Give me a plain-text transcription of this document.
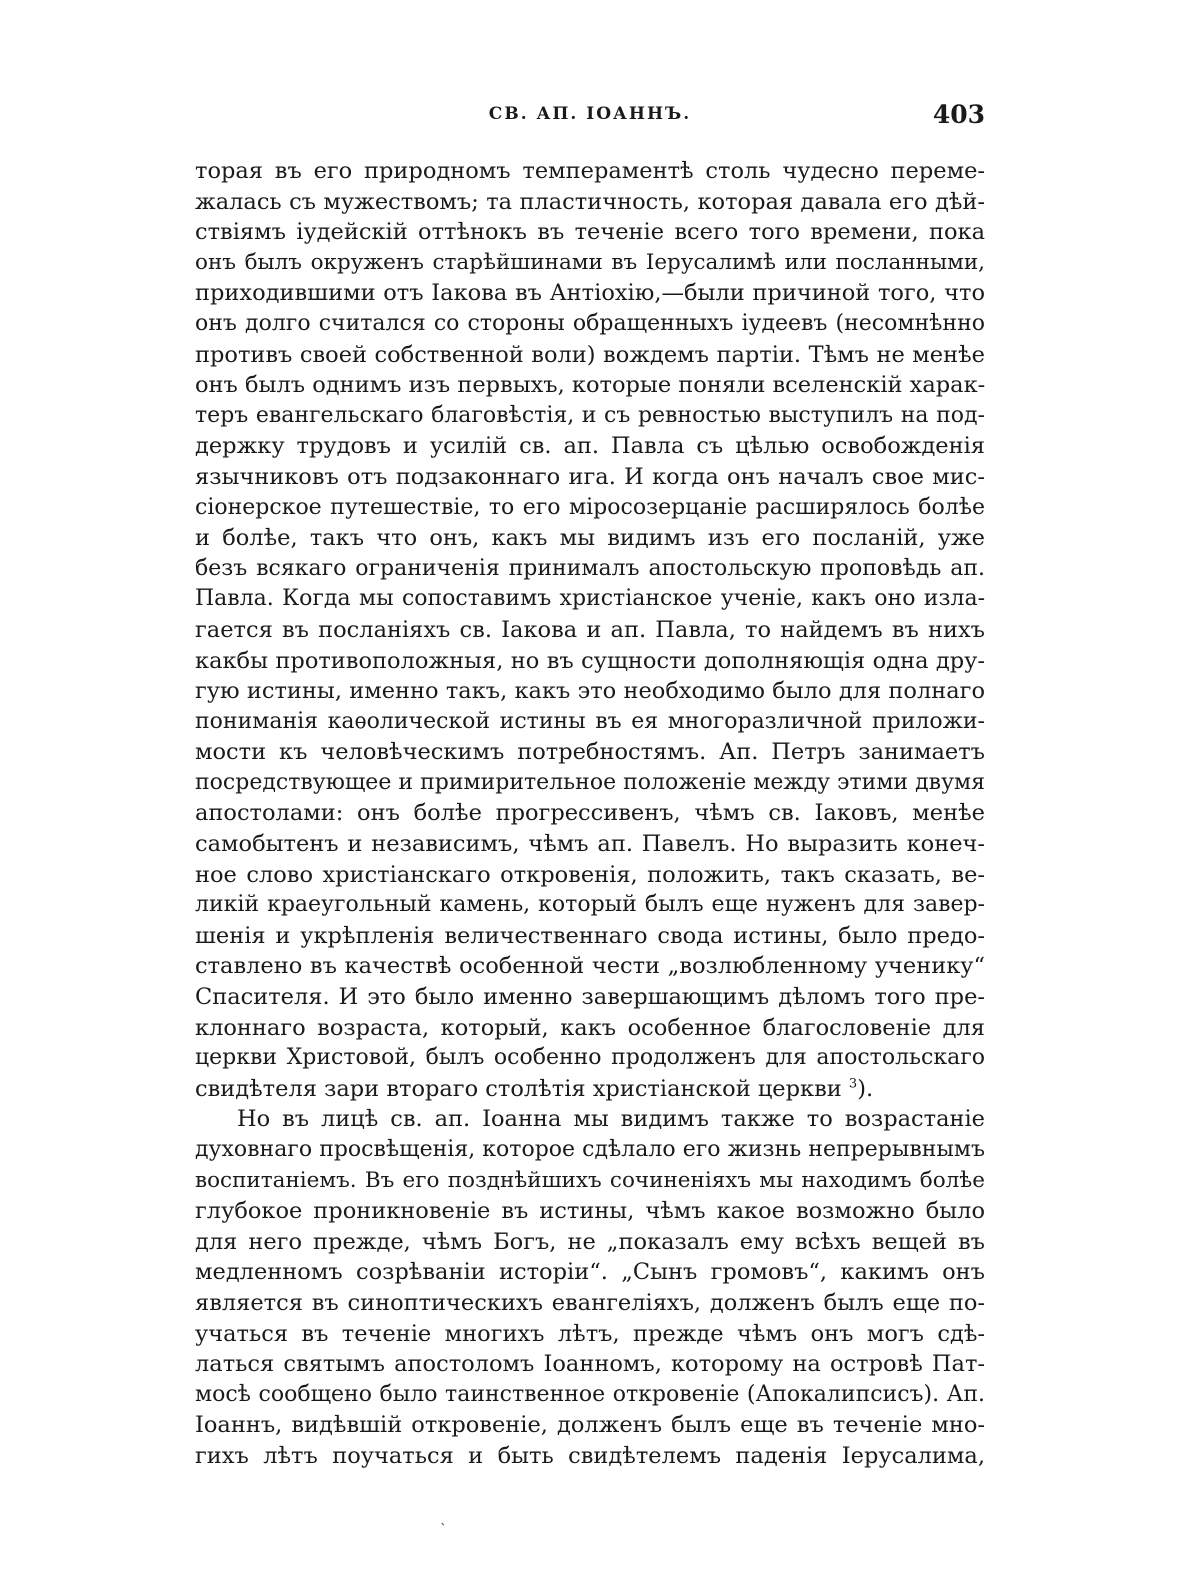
СВ. АП. ІОАННЪ.	403
торая въ его природномъ темпераментѣ столь чудесно переме-
жалась съ мужествомъ; та пластичность, которая давала его дѣй-
ствіямъ іудейскій оттѣнокъ въ теченіе всего того времени, пока
онъ былъ окруженъ старѣйшинами въ Іерусалимѣ или посланными,
приходившими отъ Іакова въ Антіохію,—были причиной того, что
онъ долго считался со стороны обращенныхъ іудеевъ (несомнѣнно
противъ своей собственной воли) вождемъ партіи. Тѣмъ не менѣе
онъ былъ однимъ изъ первыхъ, которые поняли вселенскій харак-
теръ евангельскаго благовѣстія, и съ ревностью выступилъ на под-
держку трудовъ и усилій св. ап. Павла съ цѣлью освобожденія
язычниковъ отъ подзаконнаго ига. И когда онъ началъ свое мис-
сіонерское путешествіе, то его міросозерцаніе расширялось болѣе
и болѣе, такъ что онъ, какъ мы видимъ изъ его посланій, уже
безъ всякаго ограниченія принималъ апостольскую проповѣдь ап.
Павла. Когда мы сопоставимъ христіанское ученіе, какъ оно изла-
гается въ посланіяхъ св. Іакова и ап. Павла, то найдемъ въ нихъ
какбы противоположныя, но въ сущности дополняющія одна дру-
гую истины, именно такъ, какъ это необходимо было для полнаго
пониманія каѳолической истины въ ея многоразличной приложи-
мости къ человѣческимъ потребностямъ. Ап. Петръ занимаетъ
посредствующее и примирительное положеніе между этими двумя
апостолами: онъ болѣе прогрессивенъ, чѣмъ св. Іаковъ, менѣе
самобытенъ и независимъ, чѣмъ ап. Павелъ. Но выразить конеч-
ное слово христіанскаго откровенія, положить, такъ сказать, ве-
ликій краеугольный камень, который былъ еще нуженъ для завер-
шенія и укрѣпленія величественнаго свода истины, было предо-
ставлено въ качествѣ особенной чести „возлюбленному ученику“
Спасителя. И это было именно завершающимъ дѣломъ того пре-
клоннаго возраста, который, какъ особенное благословеніе для
церкви Христовой, былъ особенно продолженъ для апостольскаго
свидѣтеля зари втораго столѣтія христіанской церкви $^3$).
Но въ лицѣ св. ап. Іоанна мы видимъ также то возрастаніе
духовнаго просвѣщенія, которое сдѣлало его жизнь непрерывнымъ
воспитаніемъ. Въ его позднѣйшихъ сочиненіяхъ мы находимъ болѣе
глубокое проникновеніе въ истины, чѣмъ какое возможно было
для него прежде, чѣмъ Богъ, не „показалъ ему всѣхъ вещей въ
медленномъ созрѣваніи исторіи“. „Сынъ громовъ“, какимъ онъ
является въ синоптическихъ евангеліяхъ, долженъ былъ еще по-
учаться въ теченіе многихъ лѣтъ, прежде чѣмъ онъ могъ сдѣ-
латься святымъ апостоломъ Іоанномъ, которому на островѣ Пат-
мосѣ сообщено было таинственное откровеніе (Апокалипсисъ). Ап.
Іоаннъ, видѣвшій откровеніе, долженъ былъ еще въ теченіе мно-
гихъ лѣтъ поучаться и быть свидѣтелемъ паденія Іерусалима,
`
